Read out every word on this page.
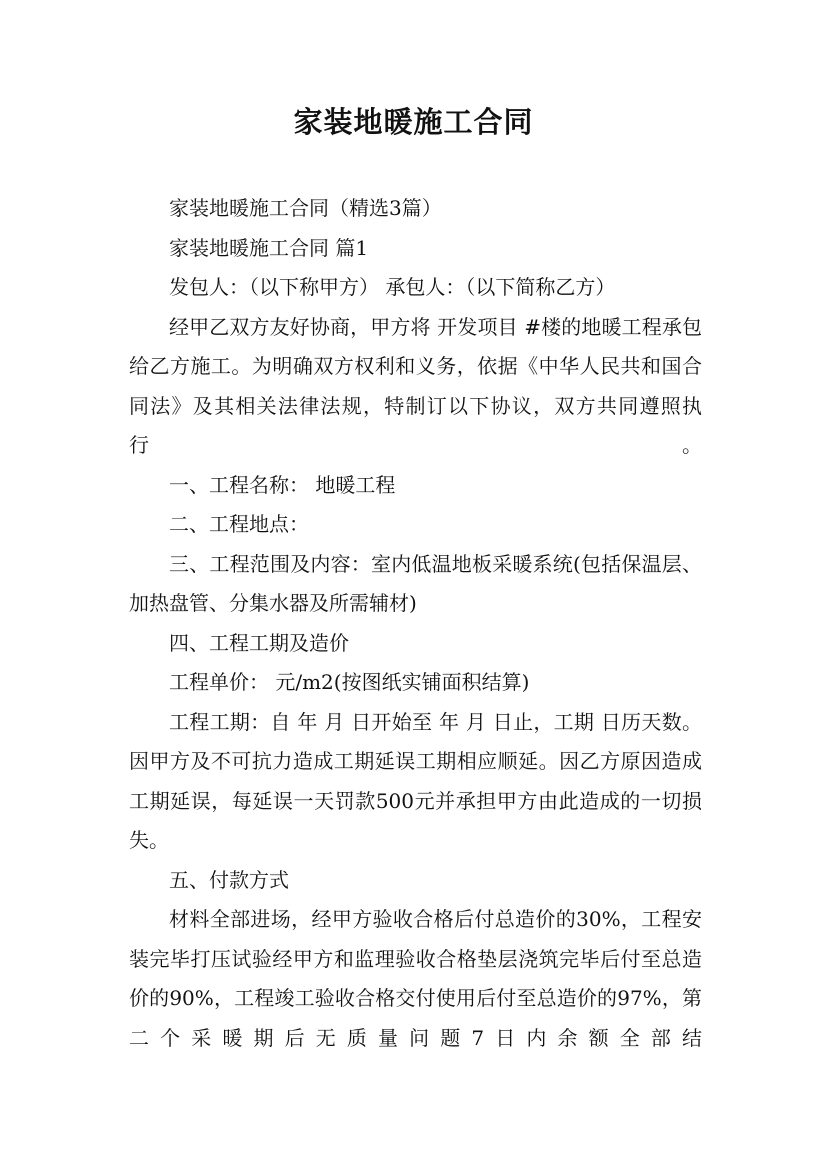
家装地暖施工合同

家装地暖施工合同（精选3篇）

家装地暖施工合同 篇1

发包人：（以下称甲方） 承包人：（以下简称乙方）

经甲乙双方友好协商，甲方将 开发项目 #楼的地暖工程承包给乙方施工。为明确双方权利和义务，依据《中华人民共和国合同法》及其相关法律法规，特制订以下协议，双方共同遵照执行。

一、工程名称： 地暖工程

二、工程地点：

三、工程范围及内容：室内低温地板采暖系统(包括保温层、加热盘管、分集水器及所需辅材)

四、工程工期及造价

工程单价： 元/m2(按图纸实铺面积结算)

工程工期：自 年 月 日开始至 年 月 日止，工期 日历天数。因甲方及不可抗力造成工期延误工期相应顺延。因乙方原因造成工期延误，每延误一天罚款500元并承担甲方由此造成的一切损失。

五、付款方式

材料全部进场，经甲方验收合格后付总造价的30%，工程安装完毕打压试验经甲方和监理验收合格垫层浇筑完毕后付至总造价的90%，工程竣工验收合格交付使用后付至总造价的97%，第二个采暖期后无质量问题7日内余额全部结
